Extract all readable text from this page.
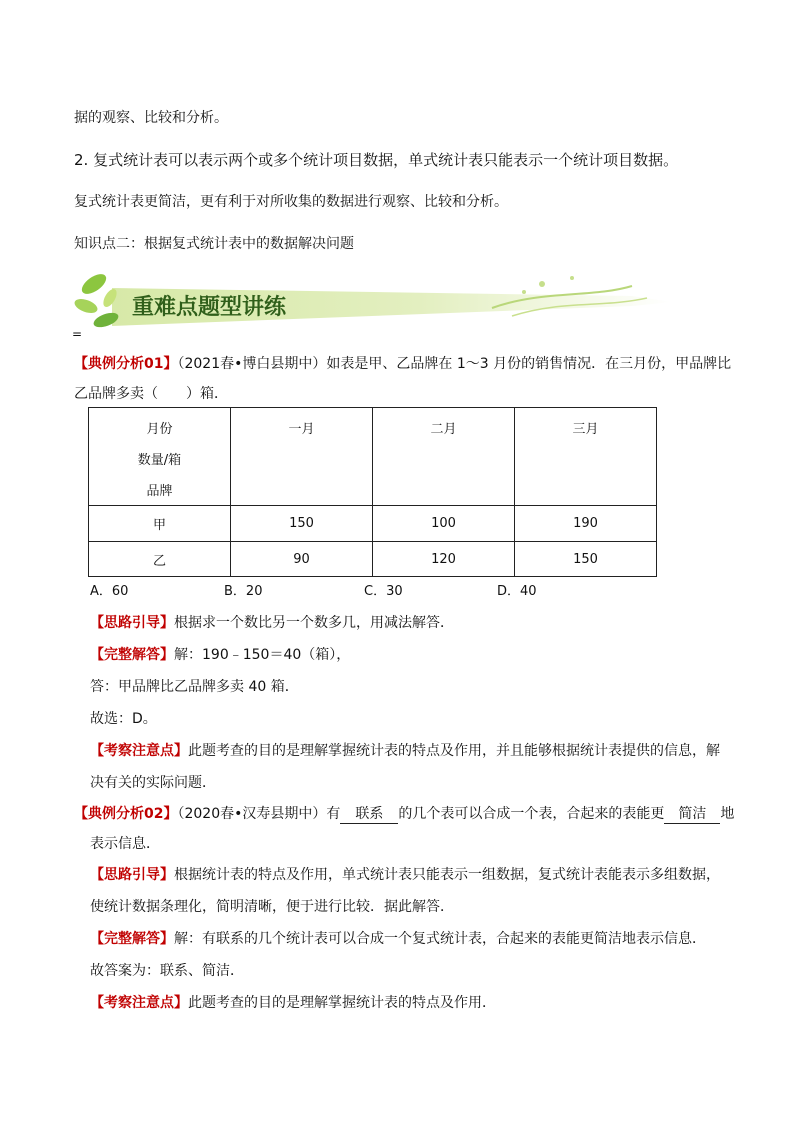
据的观察、比较和分析。
2. 复式统计表可以表示两个或多个统计项目数据，单式统计表只能表示一个统计项目数据。
复式统计表更简洁，更有利于对所收集的数据进行观察、比较和分析。
知识点二：根据复式统计表中的数据解决问题
重难点题型讲练
=
【典例分析01】（2021春•博白县期中）如表是甲、乙品牌在 1～3 月份的销售情况．在三月份，甲品牌比
乙品牌多卖（　　）箱．
月份
数量/箱
品牌	一月	二月	三月

甲	150	100	190
乙	90	120	150
A．60	B．20	C．30	D．40
【思路引导】根据求一个数比另一个数多几，用减法解答．
【完整解答】解：190﹣150＝40（箱），
答：甲品牌比乙品牌多卖 40 箱．
故选：D。
【考察注意点】此题考查的目的是理解掌握统计表的特点及作用，并且能够根据统计表提供的信息，解
决有关的实际问题．
【典例分析02】（2020春•汉寿县期中）有 联系 的几个表可以合成一个表，合起来的表能更 简洁 地
表示信息．
【思路引导】根据统计表的特点及作用，单式统计表只能表示一组数据，复式统计表能表示多组数据，
使统计数据条理化，简明清晰，便于进行比较．据此解答．
【完整解答】解：有联系的几个统计表可以合成一个复式统计表，合起来的表能更简洁地表示信息．
故答案为：联系、简洁．
【考察注意点】此题考查的目的是理解掌握统计表的特点及作用．
